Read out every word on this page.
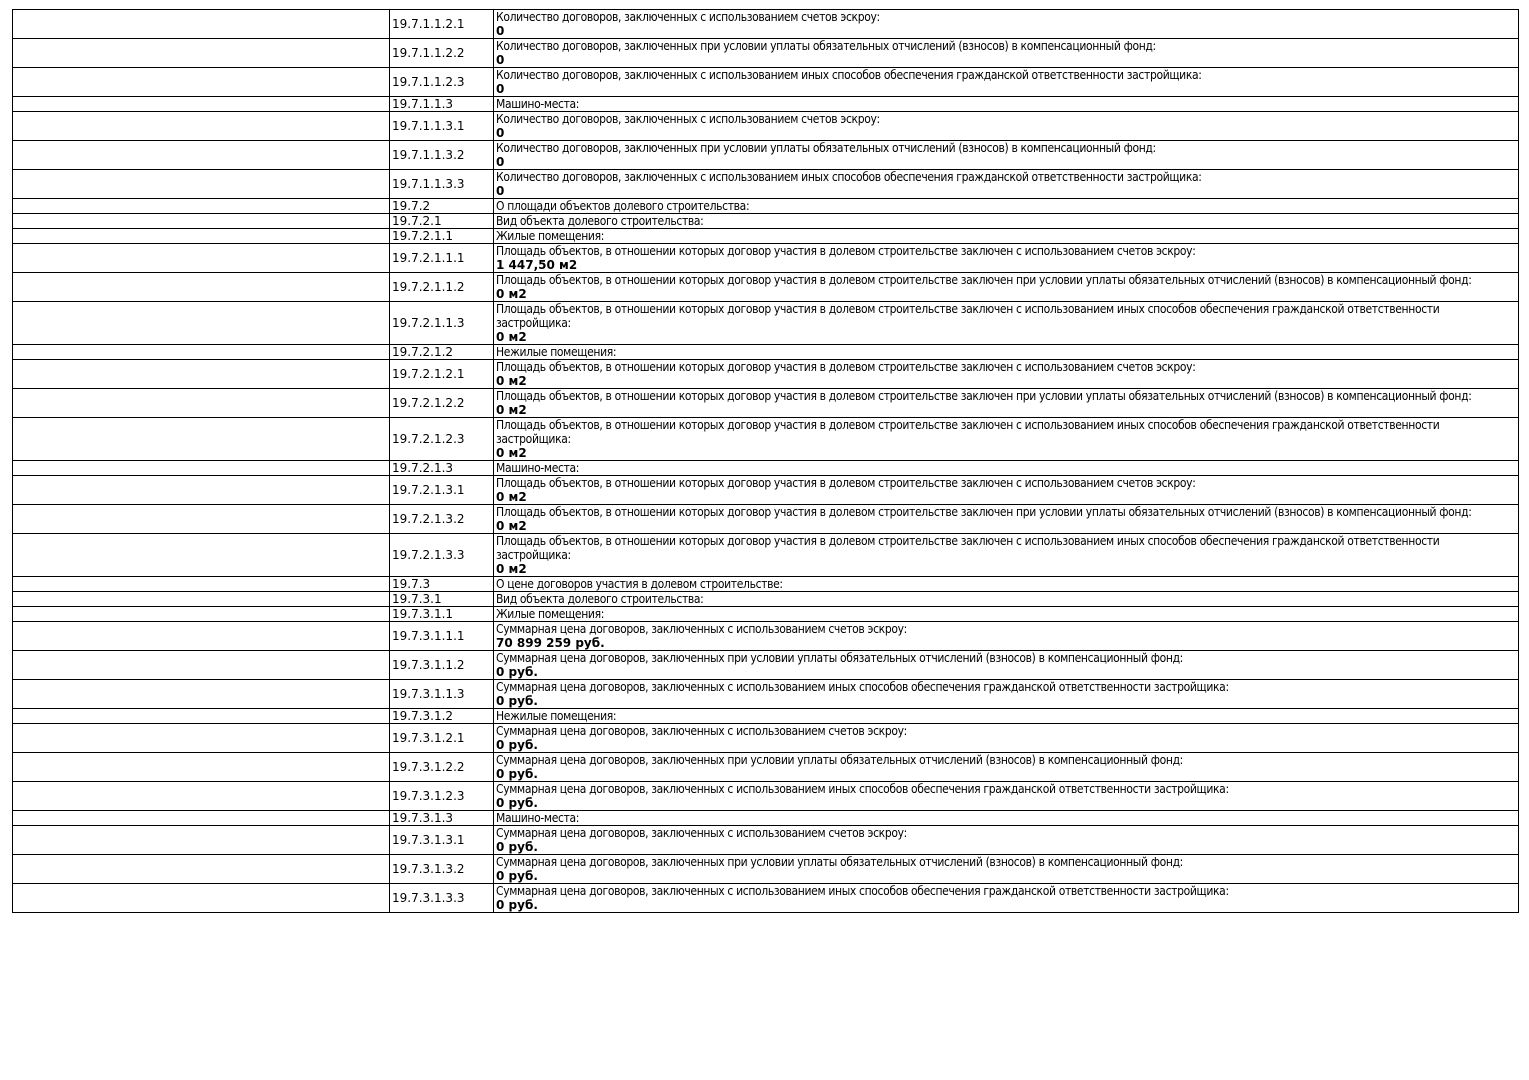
	19.7.1.1.2.1	Количество договоров, заключенных с использованием счетов эскроу:
0

	19.7.1.1.2.2	Количество договоров, заключенных при условии уплаты обязательных отчислений (взносов) в компенсационный фонд:
0

	19.7.1.1.2.3	Количество договоров, заключенных с использованием иных способов обеспечения гражданской ответственности застройщика:
0

	19.7.1.1.3	Машино-места:

	19.7.1.1.3.1	Количество договоров, заключенных с использованием счетов эскроу:
0

	19.7.1.1.3.2	Количество договоров, заключенных при условии уплаты обязательных отчислений (взносов) в компенсационный фонд:
0

	19.7.1.1.3.3	Количество договоров, заключенных с использованием иных способов обеспечения гражданской ответственности застройщика:
0

	19.7.2	О площади объектов долевого строительства:

	19.7.2.1	Вид объекта долевого строительства:

	19.7.2.1.1	Жилые помещения:

	19.7.2.1.1.1	Площадь объектов, в отношении которых договор участия в долевом строительстве заключен с использованием счетов эскроу:
1 447,50 м2

	19.7.2.1.1.2	Площадь объектов, в отношении которых договор участия в долевом строительстве заключен при условии уплаты обязательных отчислений (взносов) в компенсационный фонд:
0 м2

	19.7.2.1.1.3	Площадь объектов, в отношении которых договор участия в долевом строительстве заключен с использованием иных способов обеспечения гражданской ответственности застройщика:
0 м2

	19.7.2.1.2	Нежилые помещения:

	19.7.2.1.2.1	Площадь объектов, в отношении которых договор участия в долевом строительстве заключен с использованием счетов эскроу:
0 м2

	19.7.2.1.2.2	Площадь объектов, в отношении которых договор участия в долевом строительстве заключен при условии уплаты обязательных отчислений (взносов) в компенсационный фонд:
0 м2

	19.7.2.1.2.3	Площадь объектов, в отношении которых договор участия в долевом строительстве заключен с использованием иных способов обеспечения гражданской ответственности застройщика:
0 м2

	19.7.2.1.3	Машино-места:

	19.7.2.1.3.1	Площадь объектов, в отношении которых договор участия в долевом строительстве заключен с использованием счетов эскроу:
0 м2

	19.7.2.1.3.2	Площадь объектов, в отношении которых договор участия в долевом строительстве заключен при условии уплаты обязательных отчислений (взносов) в компенсационный фонд:
0 м2

	19.7.2.1.3.3	Площадь объектов, в отношении которых договор участия в долевом строительстве заключен с использованием иных способов обеспечения гражданской ответственности застройщика:
0 м2

	19.7.3	О цене договоров участия в долевом строительстве:

	19.7.3.1	Вид объекта долевого строительства:

	19.7.3.1.1	Жилые помещения:

	19.7.3.1.1.1	Суммарная цена договоров, заключенных с использованием счетов эскроу:
70 899 259 руб.

	19.7.3.1.1.2	Суммарная цена договоров, заключенных при условии уплаты обязательных отчислений (взносов) в компенсационный фонд:
0 руб.

	19.7.3.1.1.3	Суммарная цена договоров, заключенных с использованием иных способов обеспечения гражданской ответственности застройщика:
0 руб.

	19.7.3.1.2	Нежилые помещения:

	19.7.3.1.2.1	Суммарная цена договоров, заключенных с использованием счетов эскроу:
0 руб.

	19.7.3.1.2.2	Суммарная цена договоров, заключенных при условии уплаты обязательных отчислений (взносов) в компенсационный фонд:
0 руб.

	19.7.3.1.2.3	Суммарная цена договоров, заключенных с использованием иных способов обеспечения гражданской ответственности застройщика:
0 руб.

	19.7.3.1.3	Машино-места:

	19.7.3.1.3.1	Суммарная цена договоров, заключенных с использованием счетов эскроу:
0 руб.

	19.7.3.1.3.2	Суммарная цена договоров, заключенных при условии уплаты обязательных отчислений (взносов) в компенсационный фонд:
0 руб.

	19.7.3.1.3.3	Суммарная цена договоров, заключенных с использованием иных способов обеспечения гражданской ответственности застройщика:
0 руб.
